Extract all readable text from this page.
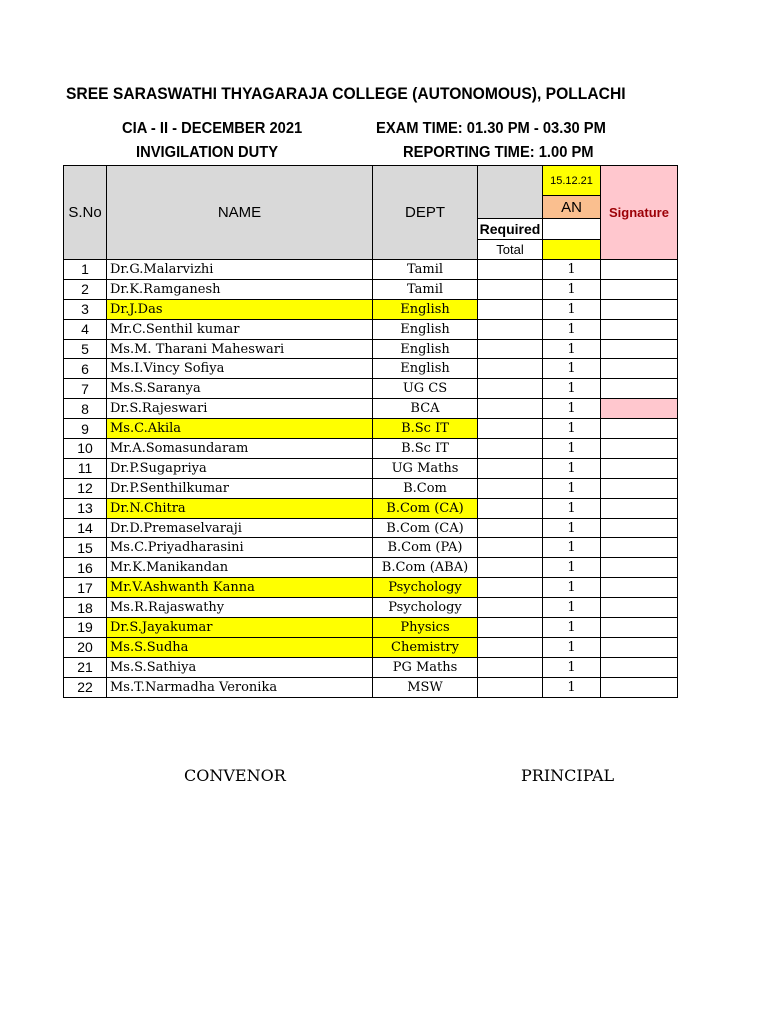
SREE SARASWATHI THYAGARAJA COLLEGE (AUTONOMOUS), POLLACHI
CIA - II - DECEMBER 2021	EXAM TIME: 01.30 PM - 03.30 PM
INVIGILATION DUTY	REPORTING TIME: 1.00 PM
S.No	NAME	DEPT		15.12.21	Signature
				AN	
			Required		
			Total		
1	Dr.G.Malarvizhi	Tamil		1	
2	Dr.K.Ramganesh	Tamil		1	
3	Dr.J.Das	English		1	
4	Mr.C.Senthil kumar	English		1	
5	Ms.M. Tharani Maheswari	English		1	
6	Ms.I.Vincy Sofiya	English		1	
7	Ms.S.Saranya	UG CS		1	
8	Dr.S.Rajeswari	BCA		1	
9	Ms.C.Akila	B.Sc IT		1	
10	Mr.A.Somasundaram	B.Sc IT		1	
11	Dr.P.Sugapriya	UG Maths		1	
12	Dr.P.Senthilkumar	B.Com		1	
13	Dr.N.Chitra	B.Com (CA)		1	
14	Dr.D.Premaselvaraji	B.Com (CA)		1	
15	Ms.C.Priyadharasini	B.Com (PA)		1	
16	Mr.K.Manikandan	B.Com (ABA)		1	
17	Mr.V.Ashwanth Kanna	Psychology		1	
18	Ms.R.Rajaswathy	Psychology		1	
19	Dr.S.Jayakumar	Physics		1	
20	Ms.S.Sudha	Chemistry		1	
21	Ms.S.Sathiya	PG Maths		1	
22	Ms.T.Narmadha Veronika	MSW		1	
CONVENOR	PRINCIPAL
